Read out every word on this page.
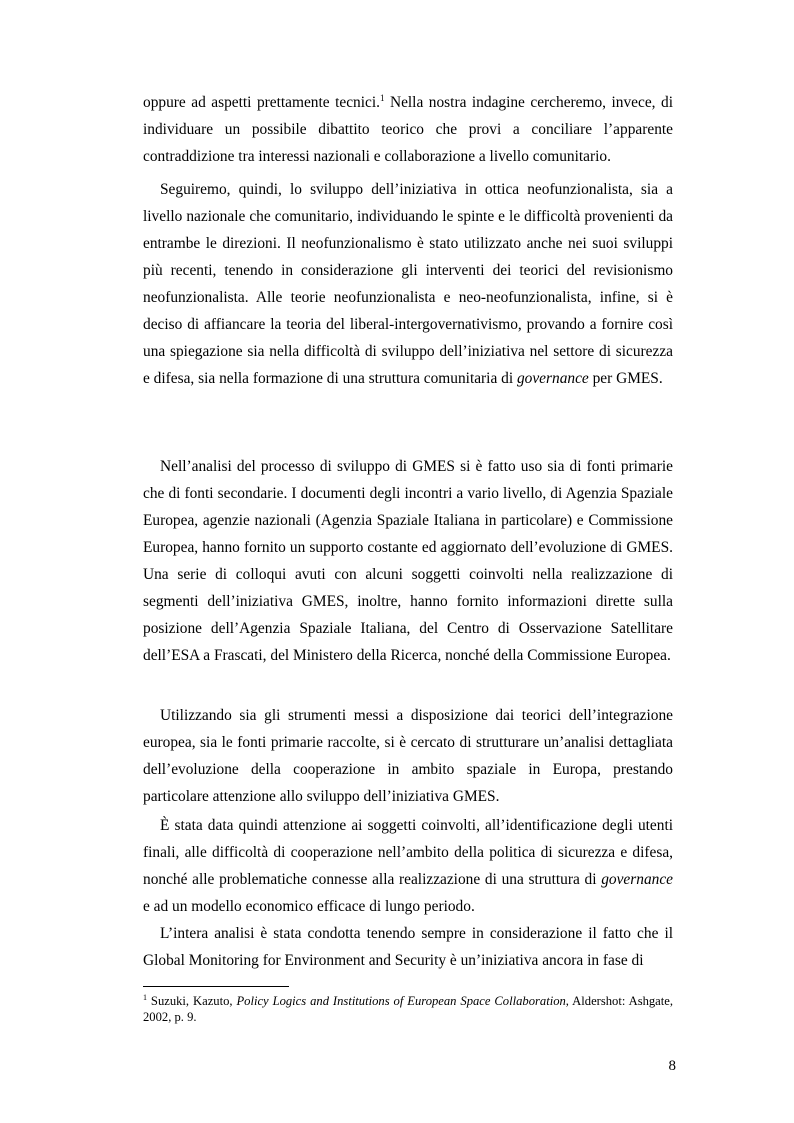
oppure ad aspetti prettamente tecnici.$^1$ Nella nostra indagine cercheremo, invece, di individuare un possibile dibattito teorico che provi a conciliare l’apparente contraddizione tra interessi nazionali e collaborazione a livello comunitario.

Seguiremo, quindi, lo sviluppo dell’iniziativa in ottica neofunzionalista, sia a livello nazionale che comunitario, individuando le spinte e le difficoltà provenienti da entrambe le direzioni. Il neofunzionalismo è stato utilizzato anche nei suoi sviluppi più recenti, tenendo in considerazione gli interventi dei teorici del revisionismo neofunzionalista. Alle teorie neofunzionalista e neo-neofunzionalista, infine, si è deciso di affiancare la teoria del liberal-intergovernativismo, provando a fornire così una spiegazione sia nella difficoltà di sviluppo dell’iniziativa nel settore di sicurezza e difesa, sia nella formazione di una struttura comunitaria di governance per GMES.

Nell’analisi del processo di sviluppo di GMES si è fatto uso sia di fonti primarie che di fonti secondarie. I documenti degli incontri a vario livello, di Agenzia Spaziale Europea, agenzie nazionali (Agenzia Spaziale Italiana in particolare) e Commissione Europea, hanno fornito un supporto costante ed aggiornato dell’evoluzione di GMES. Una serie di colloqui avuti con alcuni soggetti coinvolti nella realizzazione di segmenti dell’iniziativa GMES, inoltre, hanno fornito informazioni dirette sulla posizione dell’Agenzia Spaziale Italiana, del Centro di Osservazione Satellitare dell’ESA a Frascati, del Ministero della Ricerca, nonché della Commissione Europea.

Utilizzando sia gli strumenti messi a disposizione dai teorici dell’integrazione europea, sia le fonti primarie raccolte, si è cercato di strutturare un’analisi dettagliata dell’evoluzione della cooperazione in ambito spaziale in Europa, prestando particolare attenzione allo sviluppo dell’iniziativa GMES.

È stata data quindi attenzione ai soggetti coinvolti, all’identificazione degli utenti finali, alle difficoltà di cooperazione nell’ambito della politica di sicurezza e difesa, nonché alle problematiche connesse alla realizzazione di una struttura di governance e ad un modello economico efficace di lungo periodo.

L’intera analisi è stata condotta tenendo sempre in considerazione il fatto che il Global Monitoring for Environment and Security è un’iniziativa ancora in fase di

$^1$ Suzuki, Kazuto, Policy Logics and Institutions of European Space Collaboration, Aldershot: Ashgate, 2002, p. 9.

8
